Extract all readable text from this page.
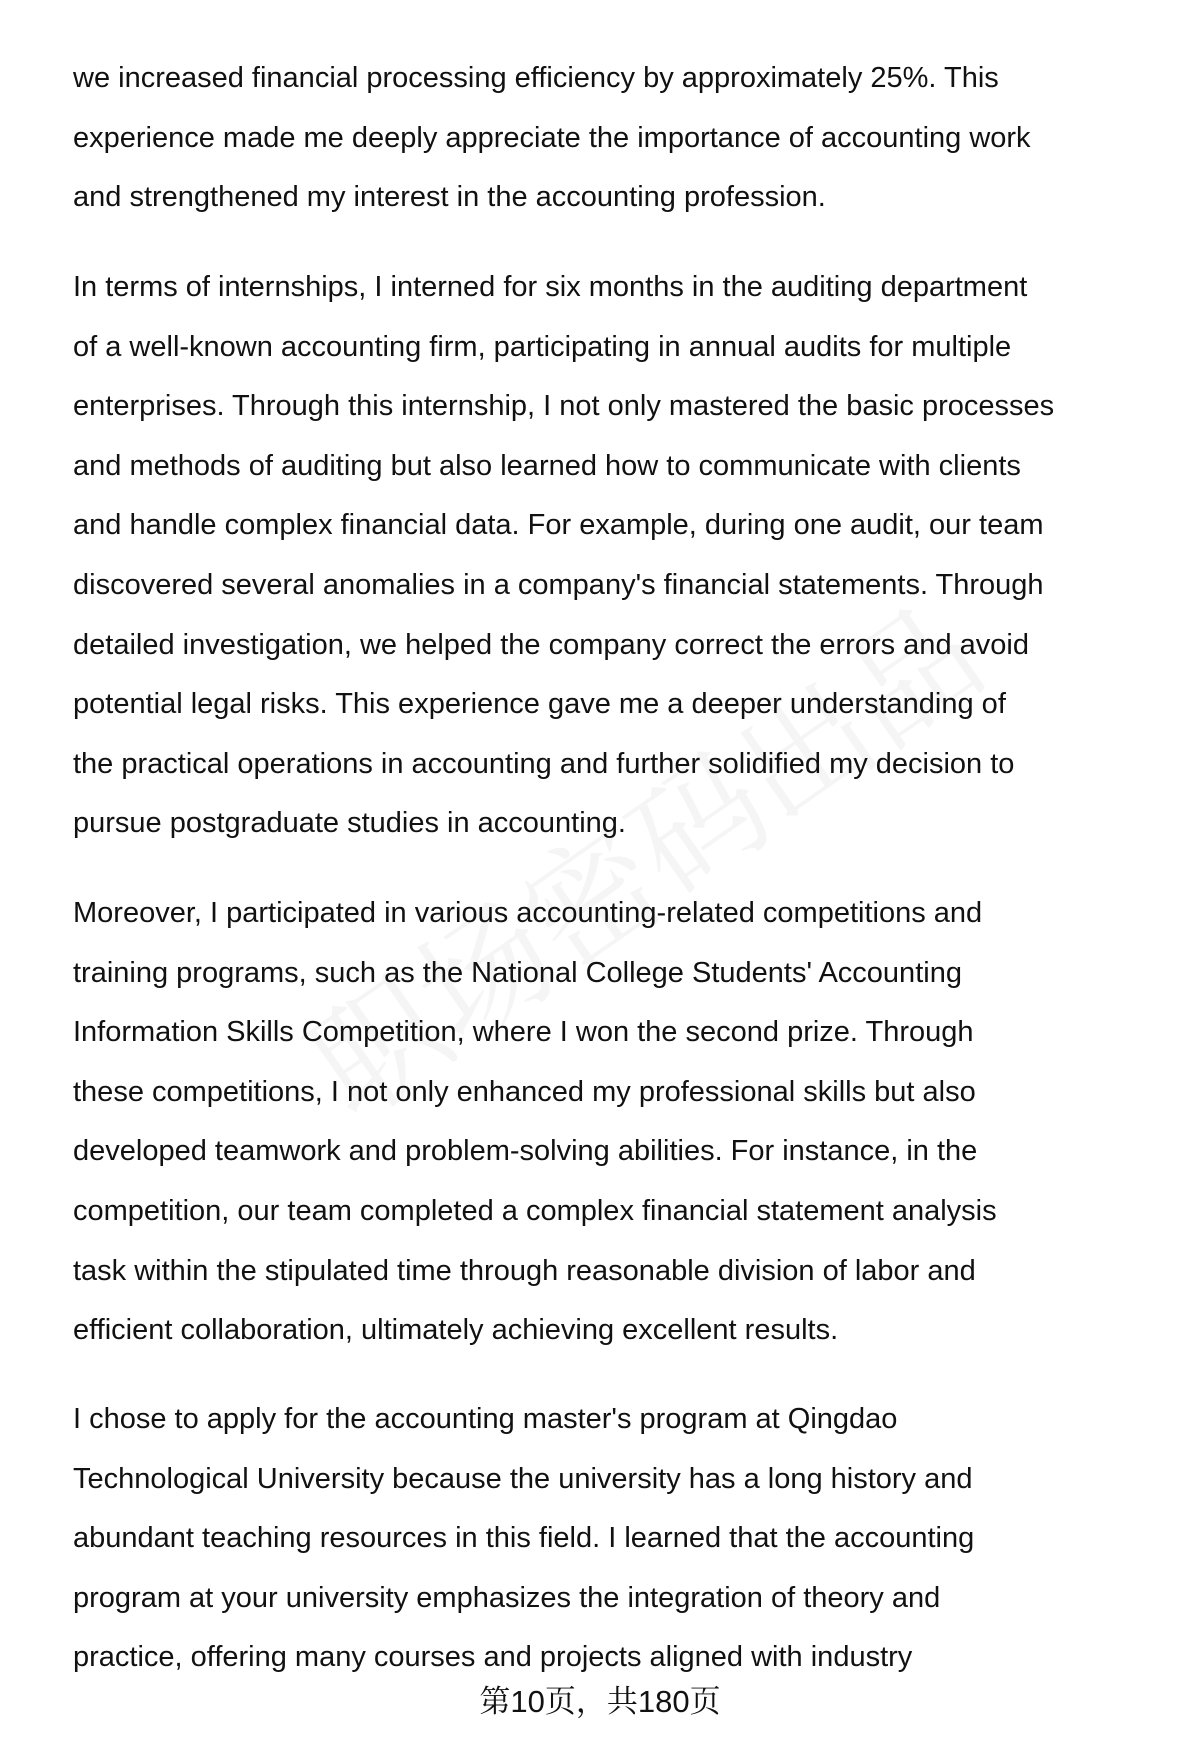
we increased financial processing efficiency by approximately 25%. This
experience made me deeply appreciate the importance of accounting work
and strengthened my interest in the accounting profession.
In terms of internships, I interned for six months in the auditing department
of a well-known accounting firm, participating in annual audits for multiple
enterprises. Through this internship, I not only mastered the basic processes
and methods of auditing but also learned how to communicate with clients
and handle complex financial data. For example, during one audit, our team
discovered several anomalies in a company's financial statements. Through
detailed investigation, we helped the company correct the errors and avoid
potential legal risks. This experience gave me a deeper understanding of
the practical operations in accounting and further solidified my decision to
pursue postgraduate studies in accounting.
Moreover, I participated in various accounting-related competitions and
training programs, such as the National College Students' Accounting
Information Skills Competition, where I won the second prize. Through
these competitions, I not only enhanced my professional skills but also
developed teamwork and problem-solving abilities. For instance, in the
competition, our team completed a complex financial statement analysis
task within the stipulated time through reasonable division of labor and
efficient collaboration, ultimately achieving excellent results.
I chose to apply for the accounting master's program at Qingdao
Technological University because the university has a long history and
abundant teaching resources in this field. I learned that the accounting
program at your university emphasizes the integration of theory and
practice, offering many courses and projects aligned with industry
第10页，共180页
